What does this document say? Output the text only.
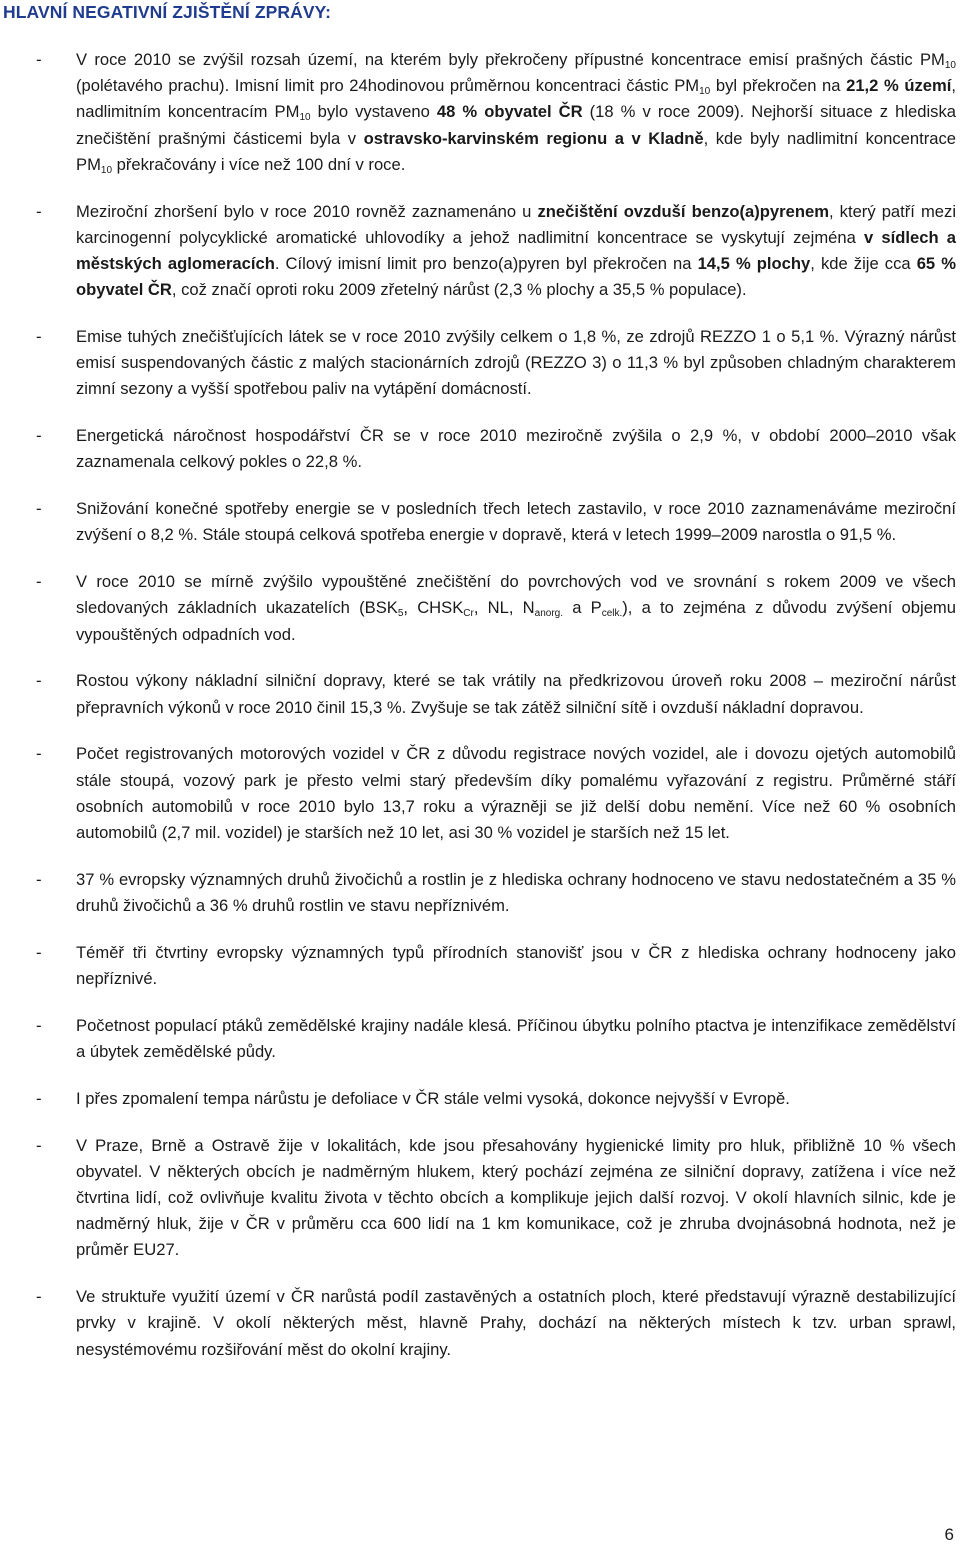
HLAVNÍ NEGATIVNÍ ZJIŠTĚNÍ ZPRÁVY:
- V roce 2010 se zvýšil rozsah území, na kterém byly překročeny přípustné koncentrace emisí prašných částic $PM_{10}$ (polétavého prachu). Imisní limit pro 24hodinovou průměrnou koncentraci částic $PM_{10}$ byl překročen na 21,2 % území, nadlimitním koncentracím $PM_{10}$ bylo vystaveno 48 % obyvatel ČR (18 % v roce 2009). Nejhorší situace z hlediska znečištění prašnými částicemi byla v ostravsko-karvinském regionu a v Kladně, kde byly nadlimitní koncentrace $PM_{10}$ překračovány i více než 100 dní v roce.
- Meziroční zhoršení bylo v roce 2010 rovněž zaznamenáno u znečištění ovzduší benzo(a)pyrenem, který patří mezi karcinogenní polycyklické aromatické uhlovodíky a jehož nadlimitní koncentrace se vyskytují zejména v sídlech a městských aglomeracích. Cílový imisní limit pro benzo(a)pyren byl překročen na 14,5 % plochy, kde žije cca 65 % obyvatel ČR, což značí oproti roku 2009 zřetelný nárůst (2,3 % plochy a 35,5 % populace).
- Emise tuhých znečišťujících látek se v roce 2010 zvýšily celkem o 1,8 %, ze zdrojů REZZO 1 o 5,1 %. Výrazný nárůst emisí suspendovaných částic z malých stacionárních zdrojů (REZZO 3) o 11,3 % byl způsoben chladným charakterem zimní sezony a vyšší spotřebou paliv na vytápění domácností.
- Energetická náročnost hospodářství ČR se v roce 2010 meziročně zvýšila o 2,9 %, v období 2000–2010 však zaznamenala celkový pokles o 22,8 %.
- Snižování konečné spotřeby energie se v posledních třech letech zastavilo, v roce 2010 zaznamenáváme meziroční zvýšení o 8,2 %. Stále stoupá celková spotřeba energie v dopravě, která v letech 1999–2009 narostla o 91,5 %.
- V roce 2010 se mírně zvýšilo vypouštěné znečištění do povrchových vod ve srovnání s rokem 2009 ve všech sledovaných základních ukazatelích ($BSK_5$, $CHSK_{Cr}$, NL, $N_{anorg.}$ a $P_{celk.}$), a to zejména z důvodu zvýšení objemu vypouštěných odpadních vod.
- Rostou výkony nákladní silniční dopravy, které se tak vrátily na předkrizovou úroveň roku 2008 – meziroční nárůst přepravních výkonů v roce 2010 činil 15,3 %. Zvyšuje se tak zátěž silniční sítě i ovzduší nákladní dopravou.
- Počet registrovaných motorových vozidel v ČR z důvodu registrace nových vozidel, ale i dovozu ojetých automobilů stále stoupá, vozový park je přesto velmi starý především díky pomalému vyřazování z registru. Průměrné stáří osobních automobilů v roce 2010 bylo 13,7 roku a výrazněji se již delší dobu nemění. Více než 60 % osobních automobilů (2,7 mil. vozidel) je starších než 10 let, asi 30 % vozidel je starších než 15 let.
- 37 % evropsky významných druhů živočichů a rostlin je z hlediska ochrany hodnoceno ve stavu nedostatečném a 35 % druhů živočichů a 36 % druhů rostlin ve stavu nepříznivém.
- Téměř tři čtvrtiny evropsky významných typů přírodních stanovišť jsou v ČR z hlediska ochrany hodnoceny jako nepříznivé.
- Početnost populací ptáků zemědělské krajiny nadále klesá. Příčinou úbytku polního ptactva je intenzifikace zemědělství a úbytek zemědělské půdy.
- I přes zpomalení tempa nárůstu je defoliace v ČR stále velmi vysoká, dokonce nejvyšší v Evropě.
- V Praze, Brně a Ostravě žije v lokalitách, kde jsou přesahovány hygienické limity pro hluk, přibližně 10 % všech obyvatel. V některých obcích je nadměrným hlukem, který pochází zejména ze silniční dopravy, zatížena i více než čtvrtina lidí, což ovlivňuje kvalitu života v těchto obcích a komplikuje jejich další rozvoj. V okolí hlavních silnic, kde je nadměrný hluk, žije v ČR v průměru cca 600 lidí na 1 km komunikace, což je zhruba dvojnásobná hodnota, než je průměr EU27.
- Ve struktuře využití území v ČR narůstá podíl zastavěných a ostatních ploch, které představují výrazně destabilizující prvky v krajině. V okolí některých měst, hlavně Prahy, dochází na některých místech k tzv. urban sprawl, nesystémovému rozšiřování měst do okolní krajiny.
6
